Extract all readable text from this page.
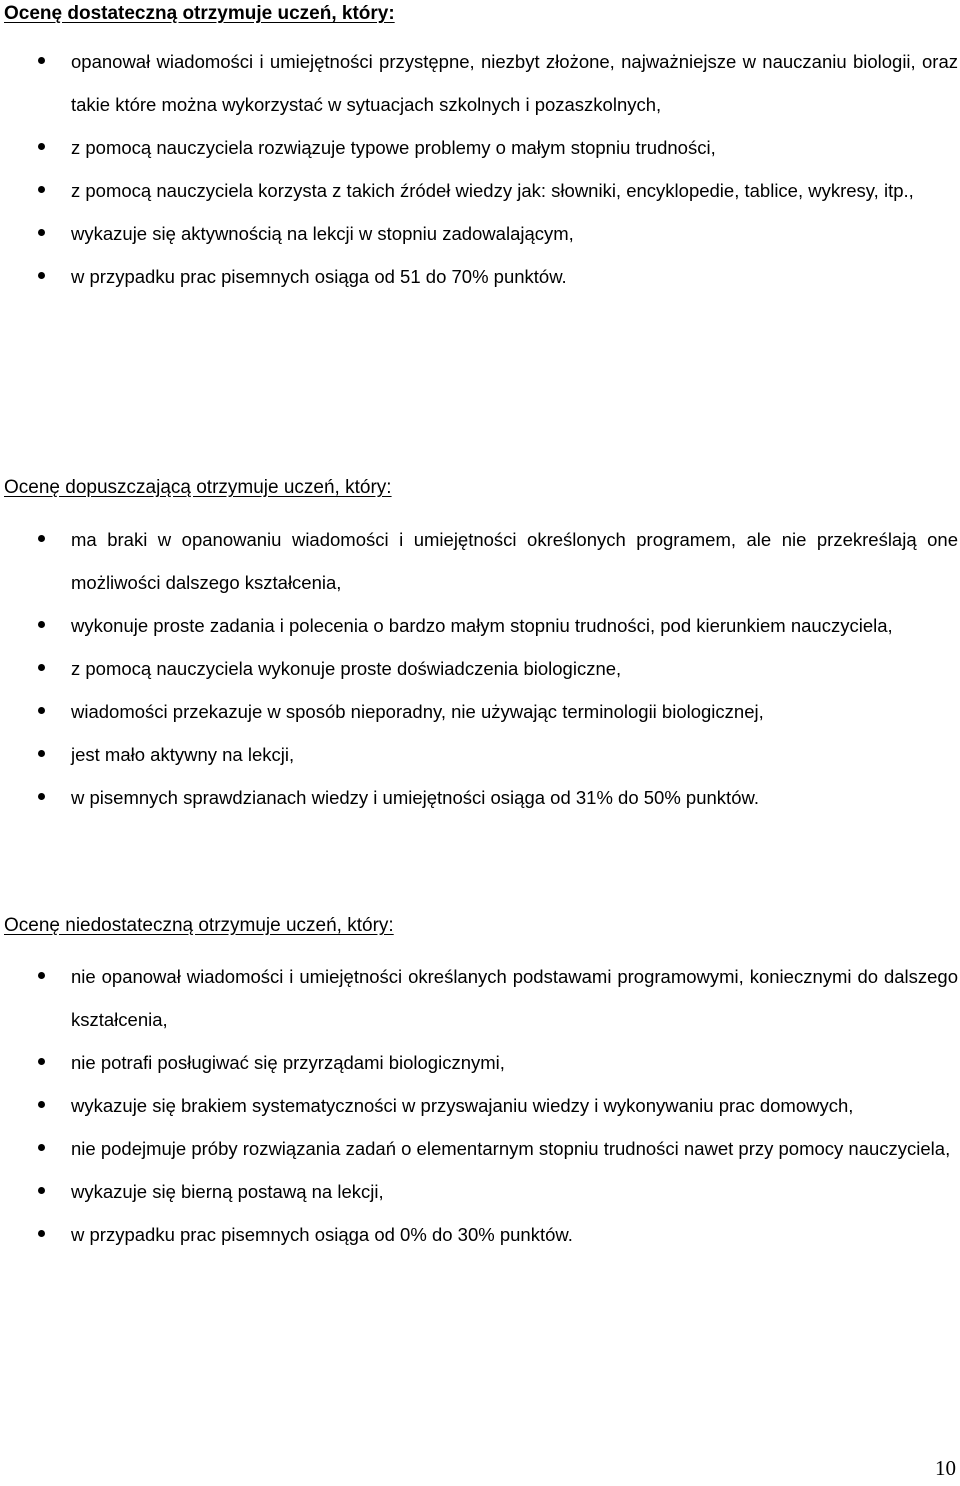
Ocenę dostateczną otrzymuje uczeń, który:
opanował wiadomości i umiejętności przystępne, niezbyt złożone, najważniejsze w nauczaniu biologii, oraz takie które można wykorzystać w sytuacjach szkolnych i pozaszkolnych,
z pomocą nauczyciela rozwiązuje typowe problemy o małym stopniu trudności,
z pomocą nauczyciela korzysta z takich źródeł wiedzy jak: słowniki, encyklopedie, tablice, wykresy, itp.,
wykazuje się aktywnością na lekcji w stopniu zadowalającym,
w przypadku prac pisemnych osiąga od 51 do 70% punktów.
Ocenę dopuszczającą otrzymuje uczeń, który:
ma braki w opanowaniu wiadomości i umiejętności określonych programem, ale nie przekreślają one możliwości dalszego kształcenia,
wykonuje proste zadania i polecenia o bardzo małym stopniu trudności, pod kierunkiem nauczyciela,
z pomocą nauczyciela wykonuje proste doświadczenia biologiczne,
wiadomości przekazuje w sposób nieporadny, nie używając terminologii biologicznej,
jest mało aktywny na lekcji,
w pisemnych sprawdzianach wiedzy i umiejętności osiąga od 31% do 50% punktów.
Ocenę niedostateczną otrzymuje uczeń, który:
nie opanował wiadomości i umiejętności określanych podstawami programowymi, koniecznymi do dalszego kształcenia,
nie potrafi posługiwać się przyrządami biologicznymi,
wykazuje się brakiem systematyczności w przyswajaniu wiedzy i wykonywaniu prac domowych,
nie podejmuje próby rozwiązania zadań o elementarnym stopniu trudności nawet przy pomocy nauczyciela,
wykazuje się bierną postawą na lekcji,
w przypadku prac pisemnych osiąga od 0% do 30% punktów.
10
